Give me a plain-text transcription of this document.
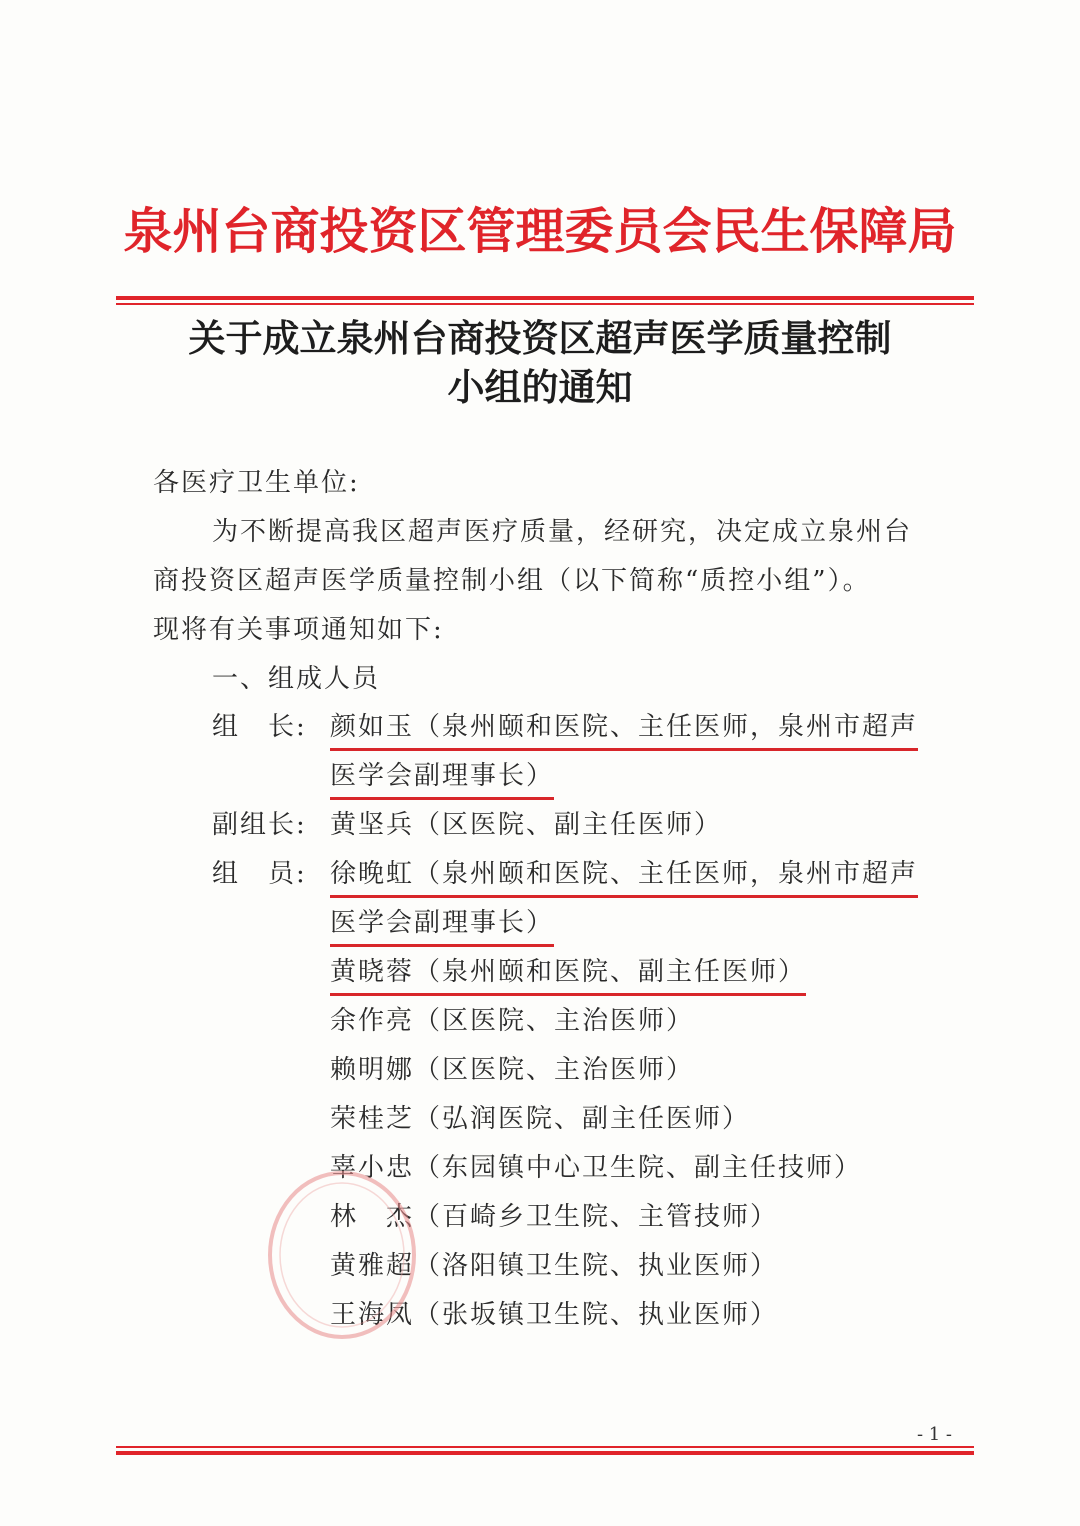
泉州台商投资区管理委员会民生保障局
关于成立泉州台商投资区超声医学质量控制
小组的通知
各医疗卫生单位:
为不断提高我区超声医疗质量，经研究，决定成立泉州台
商投资区超声医学质量控制小组（以下简称“质控小组”）。
现将有关事项通知如下:
一、组成人员
组　长: 颜如玉（泉州颐和医院、主任医师，泉州市超声
医学会副理事长）
副组长: 黄坚兵（区医院、副主任医师）
组　员: 徐晚虹（泉州颐和医院、主任医师，泉州市超声
医学会副理事长）
黄晓蓉（泉州颐和医院、副主任医师）
余作亮（区医院、主治医师）
赖明娜（区医院、主治医师）
荣桂芝（弘润医院、副主任医师）
辜小忠（东园镇中心卫生院、副主任技师）
林　杰（百崎乡卫生院、主管技师）
黄雅超（洛阳镇卫生院、执业医师）
王海凤（张坂镇卫生院、执业医师）
- 1 -
